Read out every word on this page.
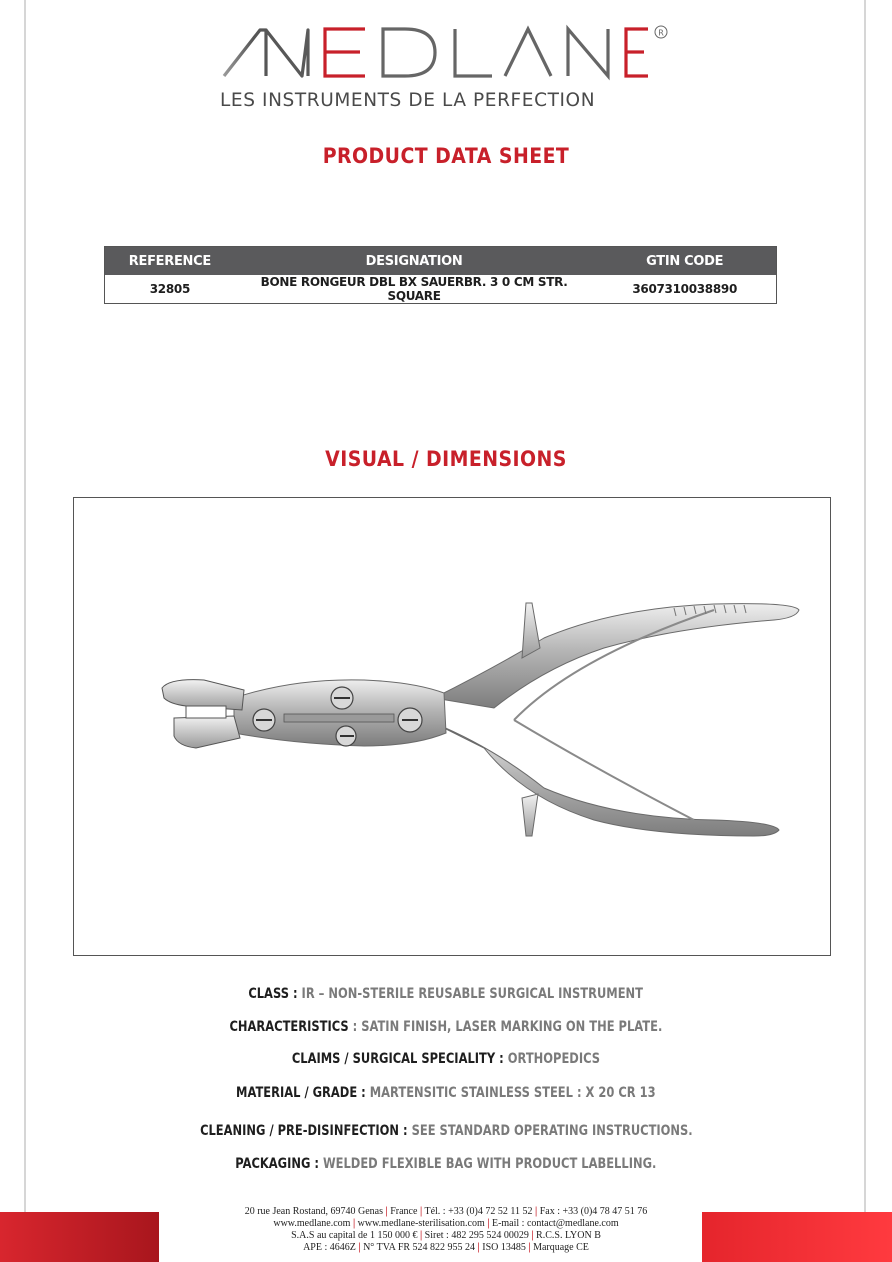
R
LES INSTRUMENTS DE LA PERFECTION
PRODUCT DATA SHEET
REFERENCE	DESIGNATION	GTIN CODE
32805	BONE RONGEUR DBL BX SAUERBR. 3 0 CM STR. SQUARE	3607310038890
VISUAL / DIMENSIONS
CLASS : IR – NON-STERILE REUSABLE SURGICAL INSTRUMENT
CHARACTERISTICS : SATIN FINISH, LASER MARKING ON THE PLATE.
CLAIMS / SURGICAL SPECIALITY : ORTHOPEDICS
MATERIAL / GRADE : MARTENSITIC STAINLESS STEEL : X 20 CR 13
CLEANING / PRE-DISINFECTION : SEE STANDARD OPERATING INSTRUCTIONS.
PACKAGING : WELDED FLEXIBLE BAG WITH PRODUCT LABELLING.
20 rue Jean Rostand, 69740 Genas | France | Tél. : +33 (0)4 72 52 11 52 | Fax : +33 (0)4 78 47 51 76
www.medlane.com | www.medlane-sterilisation.com | E-mail : contact@medlane.com
S.A.S au capital de 1 150 000 € | Siret : 482 295 524 00029 | R.C.S. LYON B
APE : 4646Z | N° TVA FR 524 822 955 24 | ISO 13485 | Marquage CE
